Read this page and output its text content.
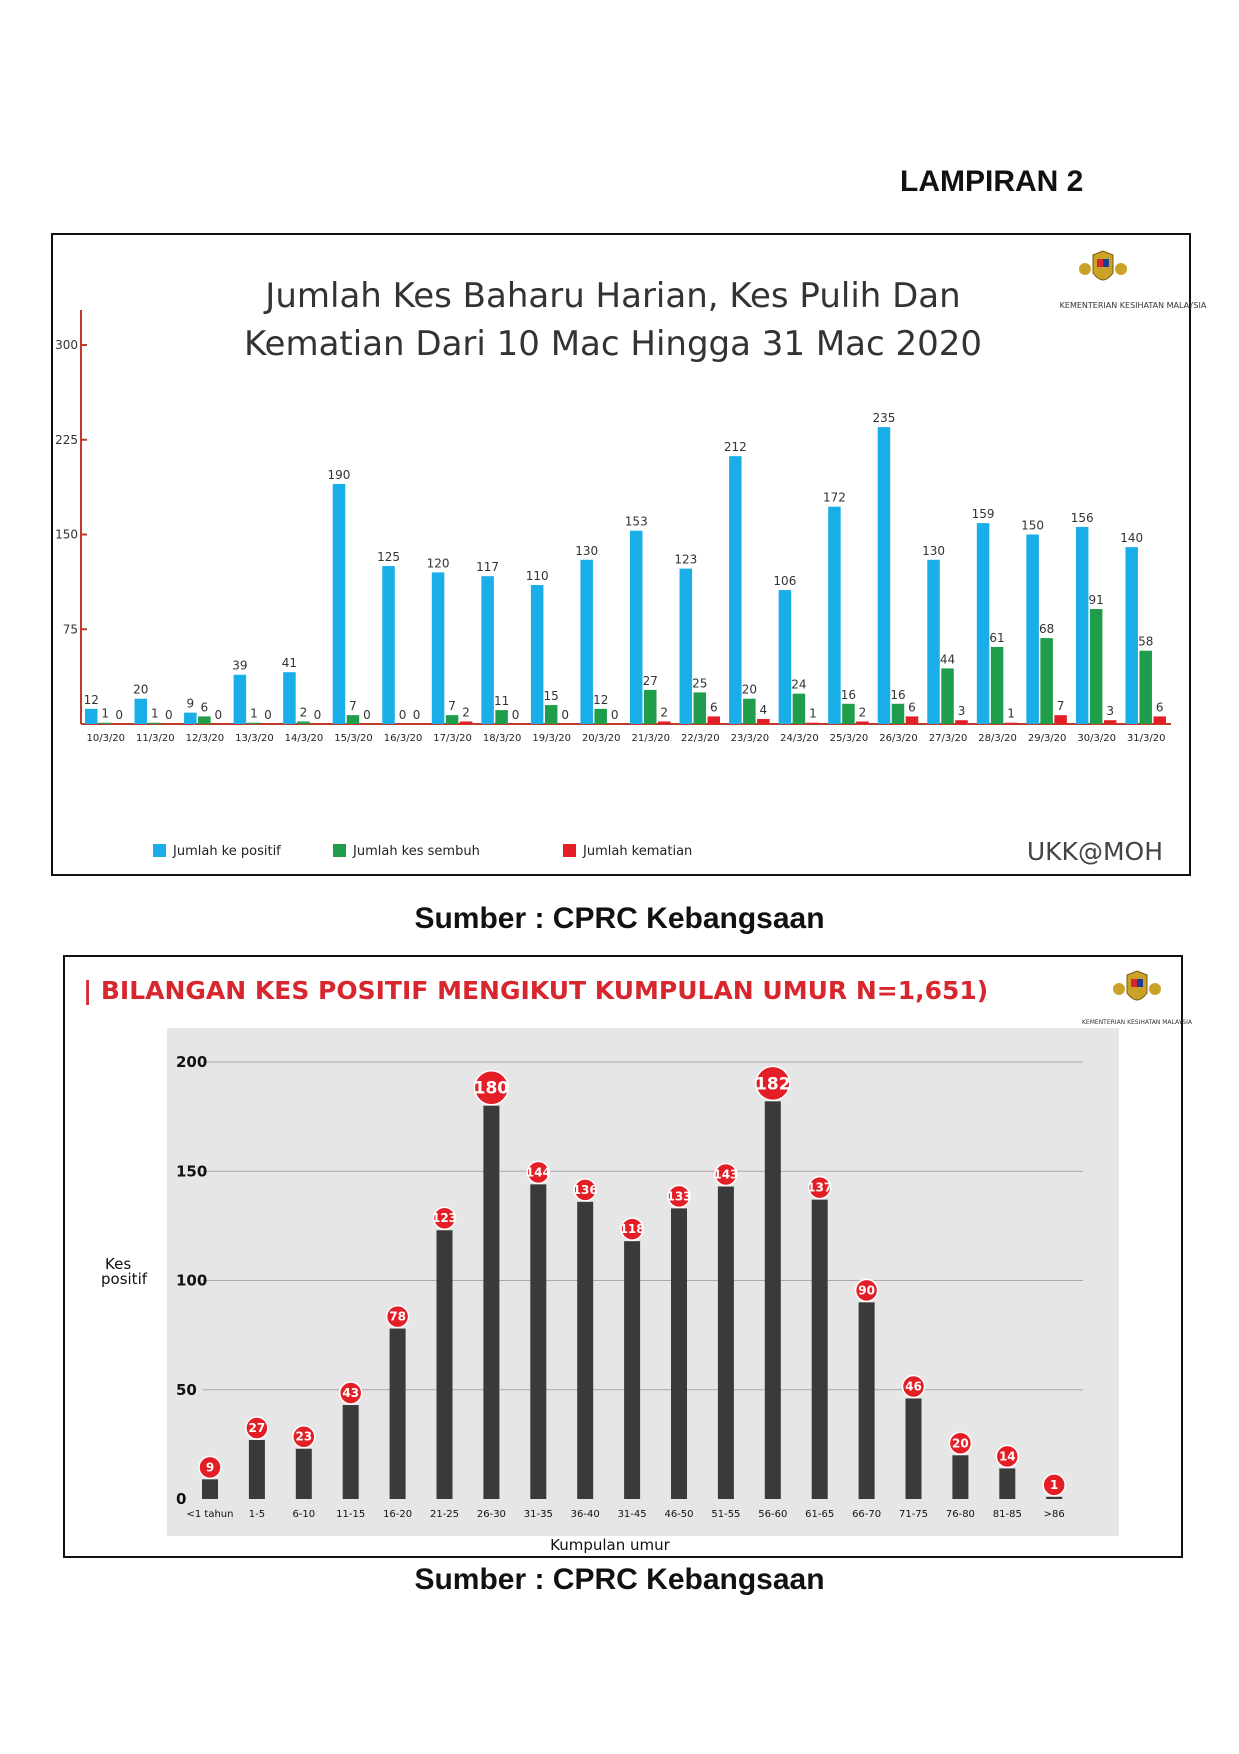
LAMPIRAN 2
Jumlah Kes Baharu Harian, Kes Pulih Dan
Kematian Dari 10 Mac Hingga 31 Mac 2020
KEMENTERIAN KESIHATAN MALAYSIA
75
150
225
300
12
1 0
20
1 0
9 6
0
39
1 0
41
2 0
190
7
0
125
0 0
120
7 2
117
11
0
110
15
0
130
12
0
153
27
2
123
25
6
212
20
4
106
24
1
172
16
2
235
16
6
130
44
3
159
61
1
150
68
7
156
91
3
140
58
6
10/3/20 11/3/20 12/3/20 13/3/20 14/3/20 15/3/20 16/3/20 17/3/20 18/3/20 19/3/20 20/3/20 21/3/20 22/3/20 23/3/20 24/3/20 25/3/20 26/3/20 27/3/20 28/3/20 29/3/20 30/3/20 31/3/20
Jumlah ke positif	Jumlah kes sembuh	Jumlah kematian	UKK@MOH
Sumber : CPRC Kebangsaan
| BILANGAN KES POSITIF MENGIKUT KUMPULAN UMUR N=1,651)
KEMENTERIAN KESIHATAN MALAYSIA
0
50
100
150
200
9
27
23
43
78
123
180
144
136
118
133
143
182
137
90
46
20
14
1
<1 tahun 1-5	6-10 11-15 16-20 21-25 26-30 31-35 36-40 31-45 46-50 51-55 56-60 61-65 66-70 71-75 76-80 81-85 >86
Kes
positif
Kumpulan umur
Sumber : CPRC Kebangsaan
